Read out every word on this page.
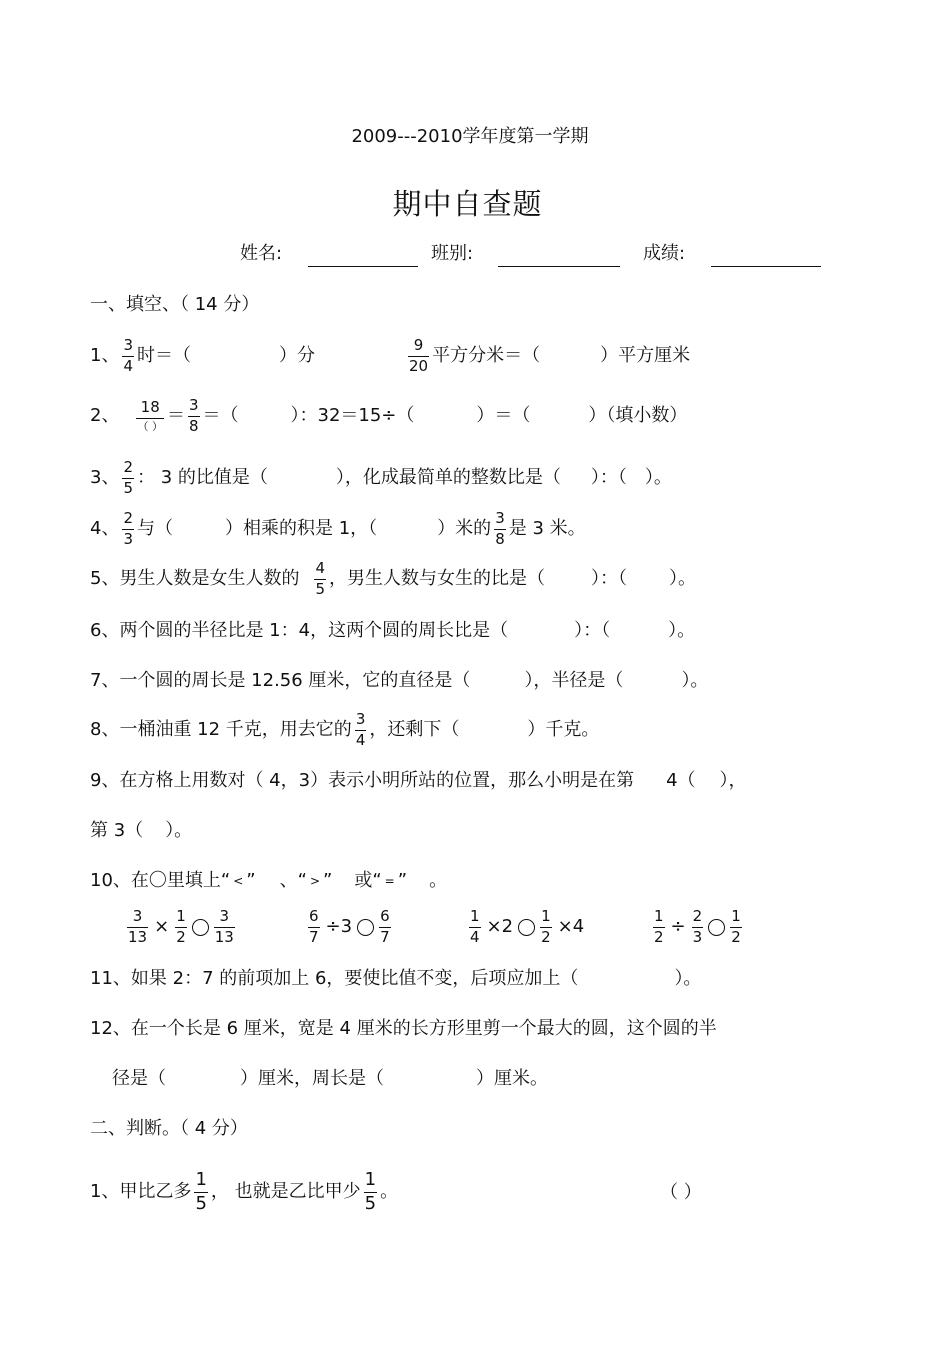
2009---2010学年度第一学期
期中自查题
姓名:	班别:	成绩:
一、填空、（ 14 分）
1、 $\frac{3}{4}$ 时＝（	）分	$\frac{9}{20}$ 平方分米＝（	）平方厘米
2、 $\frac{18}{( )} = \frac{3}{8}$ ＝（	）：32＝15÷（	）＝（	）（填小数）
3、 $\frac{2}{5}$ ： 3 的比值是（	），化成最简单的整数比是（ ）：（ ）。
4、 $\frac{2}{3}$ 与（	）相乘的积是 1，（	）米的 $\frac{3}{8}$ 是 3 米。
5、 男生人数是女生人数的 $\frac{4}{5}$ ，男生人数与女生的比是（	）：（ ）。
6、 两个圆的半径比是 1：4，这两个圆的周长比是（	）：（	）。
7、 一个圆的周长是 12.56 厘米，它的直径是（	），半径是（	）。
8、 一桶油重 12 千克，用去它的 $\frac{3}{4}$ ，还剩下（	）千克。
9、 在方格上用数对（ 4，3）表示小明所站的位置，那么小明是在第 4（ ），
第 3（ ）。
10、 在〇里填上“ < ” 、“ > ” 或“ = ” 。
$\frac{3}{13} \times \frac{1}{2} \frac{3}{13}$	$\frac{6}{7} \div 3 \frac{6}{7}$	$\frac{1}{4} \times 2 \frac{1}{2} \times 4$	$\frac{1}{2} \div \frac{2}{3} \frac{1}{2}$
11、 如果 2：7 的前项加上 6，要使比值不变，后项应加上（	）。
12、 在一个长是 6 厘米，宽是 4 厘米的长方形里剪一个最大的圆，这个圆的半
径是（	）厘米，周长是（	）厘米。
二、判断。（ 4 分）
1、 甲比乙多 $\frac{1}{5}$ ， 也就是乙比甲少 $\frac{1}{5}$ 。	（ ）
